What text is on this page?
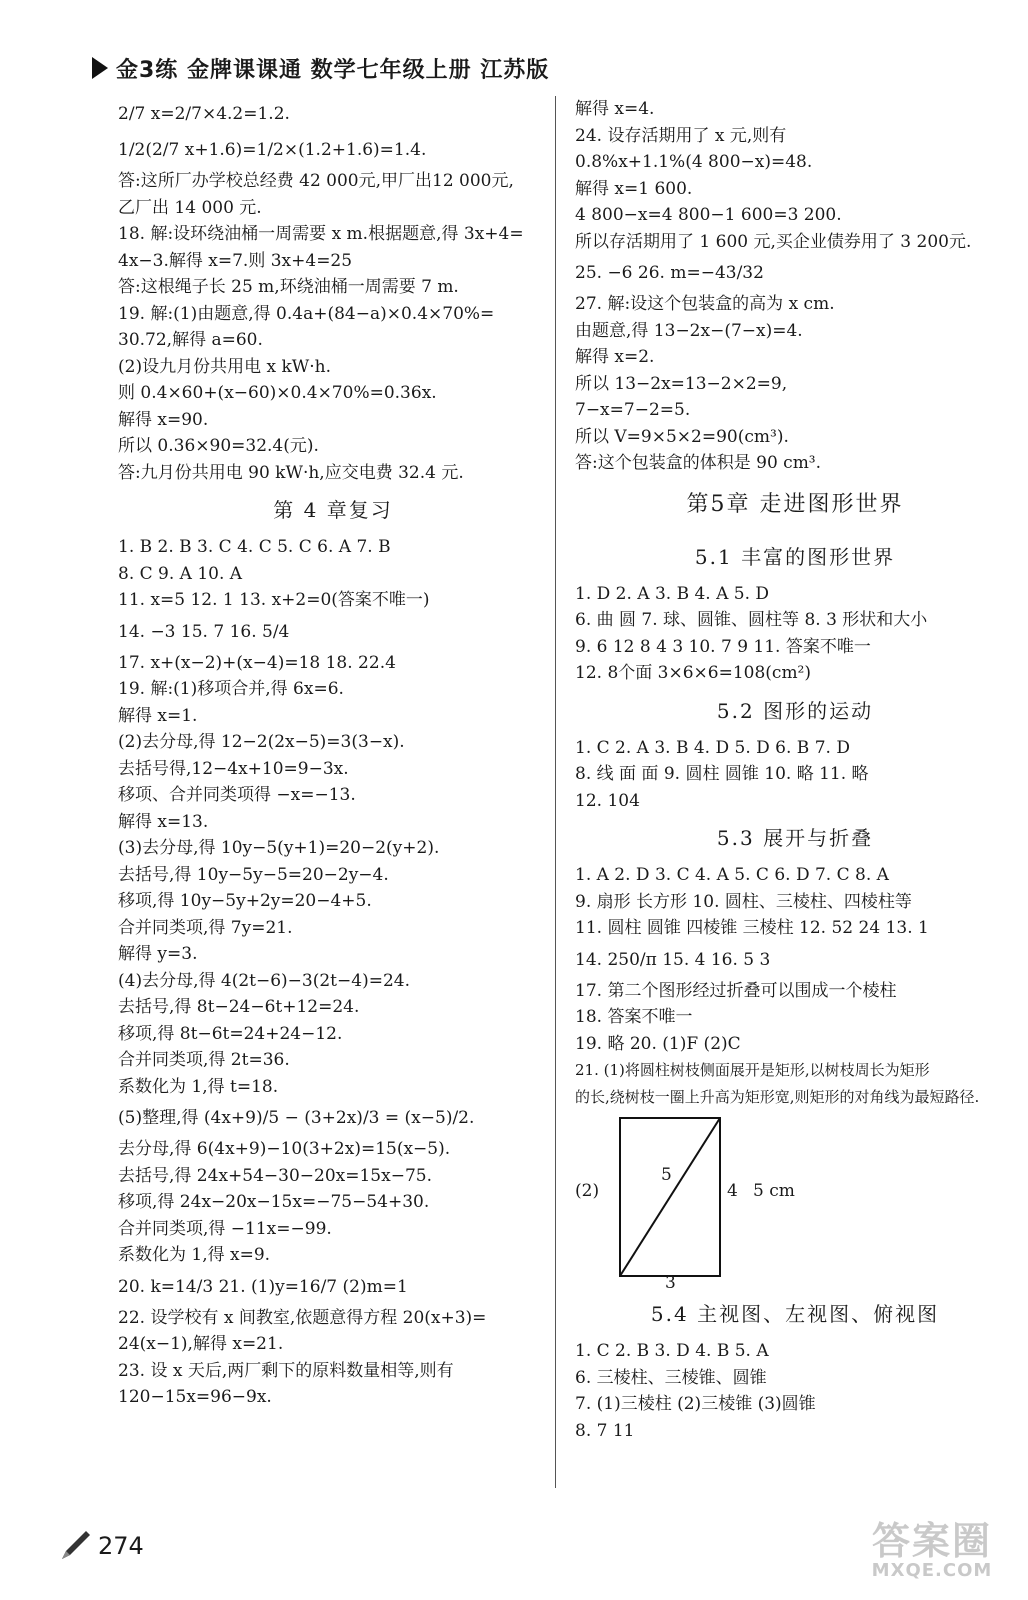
金3练 金牌课课通 数学七年级上册 江苏版
2/7 x=2/7×4.2=1.2.
1/2(2/7 x+1.6)=1/2×(1.2+1.6)=1.4.
答:这所厂办学校总经费 42 000元,甲厂出12 000元,
乙厂出 14 000 元.
18. 解:设环绕油桶一周需要 x m.根据题意,得 3x+4=
4x−3.解得 x=7.则 3x+4=25
答:这根绳子长 25 m,环绕油桶一周需要 7 m.
19. 解:(1)由题意,得 0.4a+(84−a)×0.4×70%=
30.72,解得 a=60.
(2)设九月份共用电 x kW·h.
则 0.4×60+(x−60)×0.4×70%=0.36x.
解得 x=90.
所以 0.36×90=32.4(元).
答:九月份共用电 90 kW·h,应交电费 32.4 元.
第 4 章复习
1. B 2. B 3. C 4. C 5. C 6. A 7. B
8. C 9. A 10. A
11. x=5 12. 1 13. x+2=0(答案不唯一)
14. −3 15. 7 16. 5/4
17. x+(x−2)+(x−4)=18 18. 22.4
19. 解:(1)移项合并,得 6x=6.
解得 x=1.
(2)去分母,得 12−2(2x−5)=3(3−x).
去括号得,12−4x+10=9−3x.
移项、合并同类项得 −x=−13.
解得 x=13.
(3)去分母,得 10y−5(y+1)=20−2(y+2).
去括号,得 10y−5y−5=20−2y−4.
移项,得 10y−5y+2y=20−4+5.
合并同类项,得 7y=21.
解得 y=3.
(4)去分母,得 4(2t−6)−3(2t−4)=24.
去括号,得 8t−24−6t+12=24.
移项,得 8t−6t=24+24−12.
合并同类项,得 2t=36.
系数化为 1,得 t=18.
(5)整理,得 (4x+9)/5 − (3+2x)/3 = (x−5)/2.
去分母,得 6(4x+9)−10(3+2x)=15(x−5).
去括号,得 24x+54−30−20x=15x−75.
移项,得 24x−20x−15x=−75−54+30.
合并同类项,得 −11x=−99.
系数化为 1,得 x=9.
20. k=14/3 21. (1)y=16/7 (2)m=1
22. 设学校有 x 间教室,依题意得方程 20(x+3)=
24(x−1),解得 x=21.
23. 设 x 天后,两厂剩下的原料数量相等,则有
120−15x=96−9x.
解得 x=4.
24. 设存活期用了 x 元,则有
0.8%x+1.1%(4 800−x)=48.
解得 x=1 600.
4 800−x=4 800−1 600=3 200.
所以存活期用了 1 600 元,买企业债券用了 3 200元.
25. −6 26. m=−43/32
27. 解:设这个包装盒的高为 x cm.
由题意,得 13−2x−(7−x)=4.
解得 x=2.
所以 13−2x=13−2×2=9,
7−x=7−2=5.
所以 V=9×5×2=90(cm³).
答:这个包装盒的体积是 90 cm³.
第5章 走进图形世界
5.1 丰富的图形世界
1. D 2. A 3. B 4. A 5. D
6. 曲 圆 7. 球、圆锥、圆柱等 8. 3 形状和大小
9. 6 12 8 4 3 10. 7 9 11. 答案不唯一
12. 8个面 3×6×6=108(cm²)
5.2 图形的运动
1. C 2. A 3. B 4. D 5. D 6. B 7. D
8. 线 面 面 9. 圆柱 圆锥 10. 略 11. 略
12. 104
5.3 展开与折叠
1. A 2. D 3. C 4. A 5. C 6. D 7. C 8. A
9. 扇形 长方形 10. 圆柱、三棱柱、四棱柱等
11. 圆柱 圆锥 四棱锥 三棱柱 12. 52 24 13. 1
14. 250/π 15. 4 16. 5 3
17. 第二个图形经过折叠可以围成一个棱柱
18. 答案不唯一
19. 略 20. (1)F (2)C
21. (1)将圆柱树枝侧面展开是矩形,以树枝周长为矩形
的长,绕树枝一圈上升高为矩形宽,则矩形的对角线为最短路径.
(2)
5
4 5 cm
3
5.4 主视图、左视图、俯视图
1. C 2. B 3. D 4. B 5. A
6. 三棱柱、三棱锥、圆锥
7. (1)三棱柱 (2)三棱锥 (3)圆锥
8. 7 11
274	答案圈
MXQE.COM
